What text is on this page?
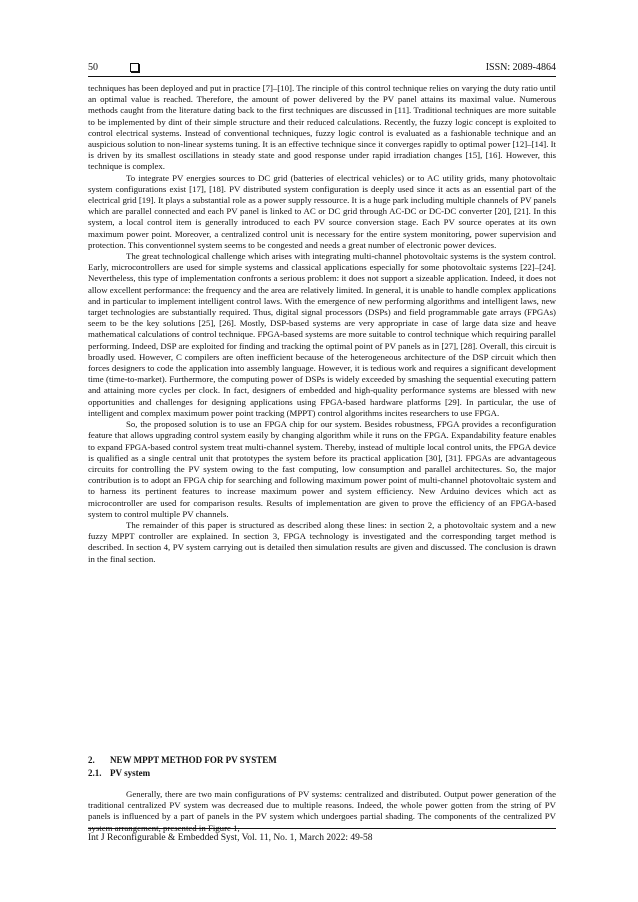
50	ISSN: 2089-4864

techniques has been deployed and put in practice [7]–[10]. The rinciple of this control technique relies on varying the duty ratio until an optimal value is reached. Therefore, the amount of power delivered by the PV panel attains its maximal value. Numerous methods caught from the literature dating back to the first techniques are discussed in [11]. Traditional techniques are more suitable to be implemented by dint of their simple structure and their reduced calculations. Recently, the fuzzy logic concept is exploited to control electrical systems. Instead of conventional techniques, fuzzy logic control is evaluated as a fashionable technique and an auspicious solution to non-linear systems tuning. It is an effective technique since it converges rapidly to optimal power [12]–[14]. It is driven by its smallest oscillations in steady state and good response under rapid irradiation changes [15], [16]. However, this technique is complex.

To integrate PV energies sources to DC grid (batteries of electrical vehicles) or to AC utility grids, many photovoltaic system configurations exist [17], [18]. PV distributed system configuration is deeply used since it acts as an essential part of the electrical grid [19]. It plays a substantial role as a power supply ressource. It is a huge park including multiple channels of PV panels which are parallel connected and each PV panel is linked to AC or DC grid through AC-DC or DC-DC converter [20], [21]. In this system, a local control item is generally introduced to each PV source conversion stage. Each PV source operates at its own maximum power point. Moreover, a centralized control unit is necessary for the entire system monitoring, power supervision and protection. This conventionnel system seems to be congested and needs a great number of electronic power devices.

The great technological challenge which arises with integrating multi-channel photovoltaic systems is the system control. Early, microcontrollers are used for simple systems and classical applications especially for some photovoltaic systems [22]–[24]. Nevertheless, this type of implementation confronts a serious problem: it does not support a sizeable application. Indeed, it does not allow excellent performance: the frequency and the area are relatively limited. In general, it is unable to handle complex applications and in particular to implement intelligent control laws. With the emergence of new performing algorithms and intelligent laws, new target technologies are substantially required. Thus, digital signal processors (DSPs) and field programmable gate arrays (FPGAs) seem to be the key solutions [25], [26]. Mostly, DSP-based systems are very appropriate in case of large data size and heave mathematical calculations of control technique. FPGA-based systems are more suitable to control technique which requiring parallel performing. Indeed, DSP are exploited for finding and tracking the optimal point of PV panels as in [27], [28]. Overall, this circuit is broadly used. However, C compilers are often inefficient because of the heterogeneous architecture of the DSP circuit which then forces designers to code the application into assembly language. However, it is tedious work and requires a significant development time (time-to-market). Furthermore, the computing power of DSPs is widely exceeded by smashing the sequential executing pattern and attaining more cycles per clock. In fact, designers of embedded and high-quality performance systems are blessed with new opportunities and challenges for designing applications using FPGA-based hardware platforms [29]. In particular, the use of intelligent and complex maximum power point tracking (MPPT) control algorithms incites researchers to use FPGA.

So, the proposed solution is to use an FPGA chip for our system. Besides robustness, FPGA provides a reconfiguration feature that allows upgrading control system easily by changing algorithm while it runs on the FPGA. Expandability feature enables to expand FPGA-based control system treat multi-channel system. Thereby, instead of multiple local control units, the FPGA device is qualified as a single central unit that prototypes the system before its practical application [30], [31]. FPGAs are advantageous circuits for controlling the PV system owing to the fast computing, low consumption and parallel architectures. So, the major contribution is to adopt an FPGA chip for searching and following maximum power point of multi-channel photovoltaic system and to harness its pertinent features to increase maximum power and system efficiency. New Arduino devices which act as microcontroller are used for comparison results. Results of implementation are given to prove the efficiency of an FPGA-based system to control multiple PV channels.

The remainder of this paper is structured as described along these lines: in section 2, a photovoltaic system and a new fuzzy MPPT controller are explained. In section 3, FPGA technology is investigated and the corresponding target method is described. In section 4, PV system carrying out is detailed then simulation results are given and discussed. The conclusion is drawn in the final section.

2. NEW MPPT METHOD FOR PV SYSTEM
2.1. PV system

Generally, there are two main configurations of PV systems: centralized and distributed. Output power generation of the traditional centralized PV system was decreased due to multiple reasons. Indeed, the whole power gotten from the string of PV panels is influenced by a part of panels in the PV system which undergoes partial shading. The components of the centralized PV system arrangement, presented in Figure 1,

Int J Reconfigurable & Embedded Syst, Vol. 11, No. 1, March 2022: 49-58
